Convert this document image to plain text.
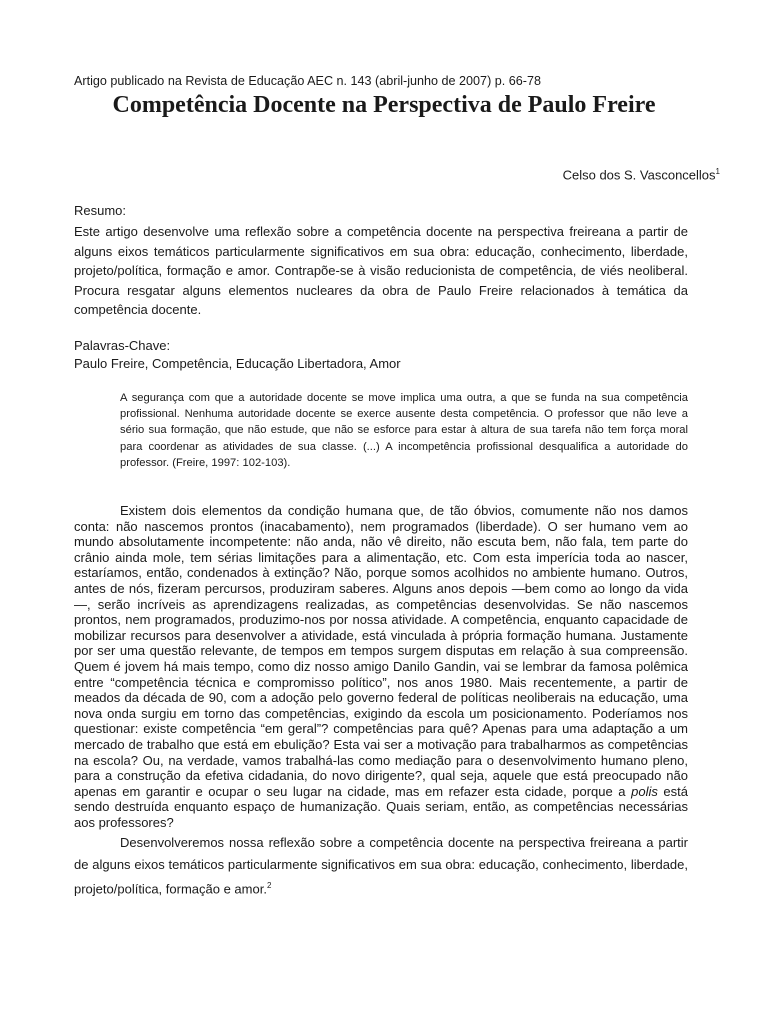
Artigo publicado na Revista de Educação AEC n. 143 (abril-junho de 2007) p. 66-78
Competência Docente na Perspectiva de Paulo Freire
Celso dos S. Vasconcellos$^1$
Resumo:
Este artigo desenvolve uma reflexão sobre a competência docente na perspectiva freireana a partir de alguns eixos temáticos particularmente significativos em sua obra: educação, conhecimento, liberdade, projeto/política, formação e amor. Contrapõe-se à visão reducionista de competência, de viés neoliberal. Procura resgatar alguns elementos nucleares da obra de Paulo Freire relacionados à temática da competência docente.
Palavras-Chave:
Paulo Freire, Competência, Educação Libertadora, Amor
A segurança com que a autoridade docente se move implica uma outra, a que se funda na sua competência profissional. Nenhuma autoridade docente se exerce ausente desta competência. O professor que não leve a sério sua formação, que não estude, que não se esforce para estar à altura de sua tarefa não tem força moral para coordenar as atividades de sua classe. (...) A incompetência profissional desqualifica a autoridade do professor. (Freire, 1997: 102-103).

Existem dois elementos da condição humana que, de tão óbvios, comumente não nos damos conta: não nascemos prontos (inacabamento), nem programados (liberdade). O ser humano vem ao mundo absolutamente incompetente: não anda, não vê direito, não escuta bem, não fala, tem parte do crânio ainda mole, tem sérias limitações para a alimentação, etc. Com esta imperícia toda ao nascer, estaríamos, então, condenados à extinção? Não, porque somos acolhidos no ambiente humano. Outros, antes de nós, fizeram percursos, produziram saberes. Alguns anos depois —bem como ao longo da vida—, serão incríveis as aprendizagens realizadas, as competências desenvolvidas. Se não nascemos prontos, nem programados, produzimo-nos por nossa atividade. A competência, enquanto capacidade de mobilizar recursos para desenvolver a atividade, está vinculada à própria formação humana. Justamente por ser uma questão relevante, de tempos em tempos surgem disputas em relação à sua compreensão. Quem é jovem há mais tempo, como diz nosso amigo Danilo Gandin, vai se lembrar da famosa polêmica entre “competência técnica e compromisso político”, nos anos 1980. Mais recentemente, a partir de meados da década de 90, com a adoção pelo governo federal de políticas neoliberais na educação, uma nova onda surgiu em torno das competências, exigindo da escola um posicionamento. Poderíamos nos questionar: existe competência “em geral”? competências para quê? Apenas para uma adaptação a um mercado de trabalho que está em ebulição? Esta vai ser a motivação para trabalharmos as competências na escola? Ou, na verdade, vamos trabalhá-las como mediação para o desenvolvimento humano pleno, para a construção da efetiva cidadania, do novo dirigente?, qual seja, aquele que está preocupado não apenas em garantir e ocupar o seu lugar na cidade, mas em refazer esta cidade, porque a polis está sendo destruída enquanto espaço de humanização. Quais seriam, então, as competências necessárias aos professores?

Desenvolveremos nossa reflexão sobre a competência docente na perspectiva freireana a partir de alguns eixos temáticos particularmente significativos em sua obra: educação, conhecimento, liberdade, projeto/política, formação e amor.$^2$
